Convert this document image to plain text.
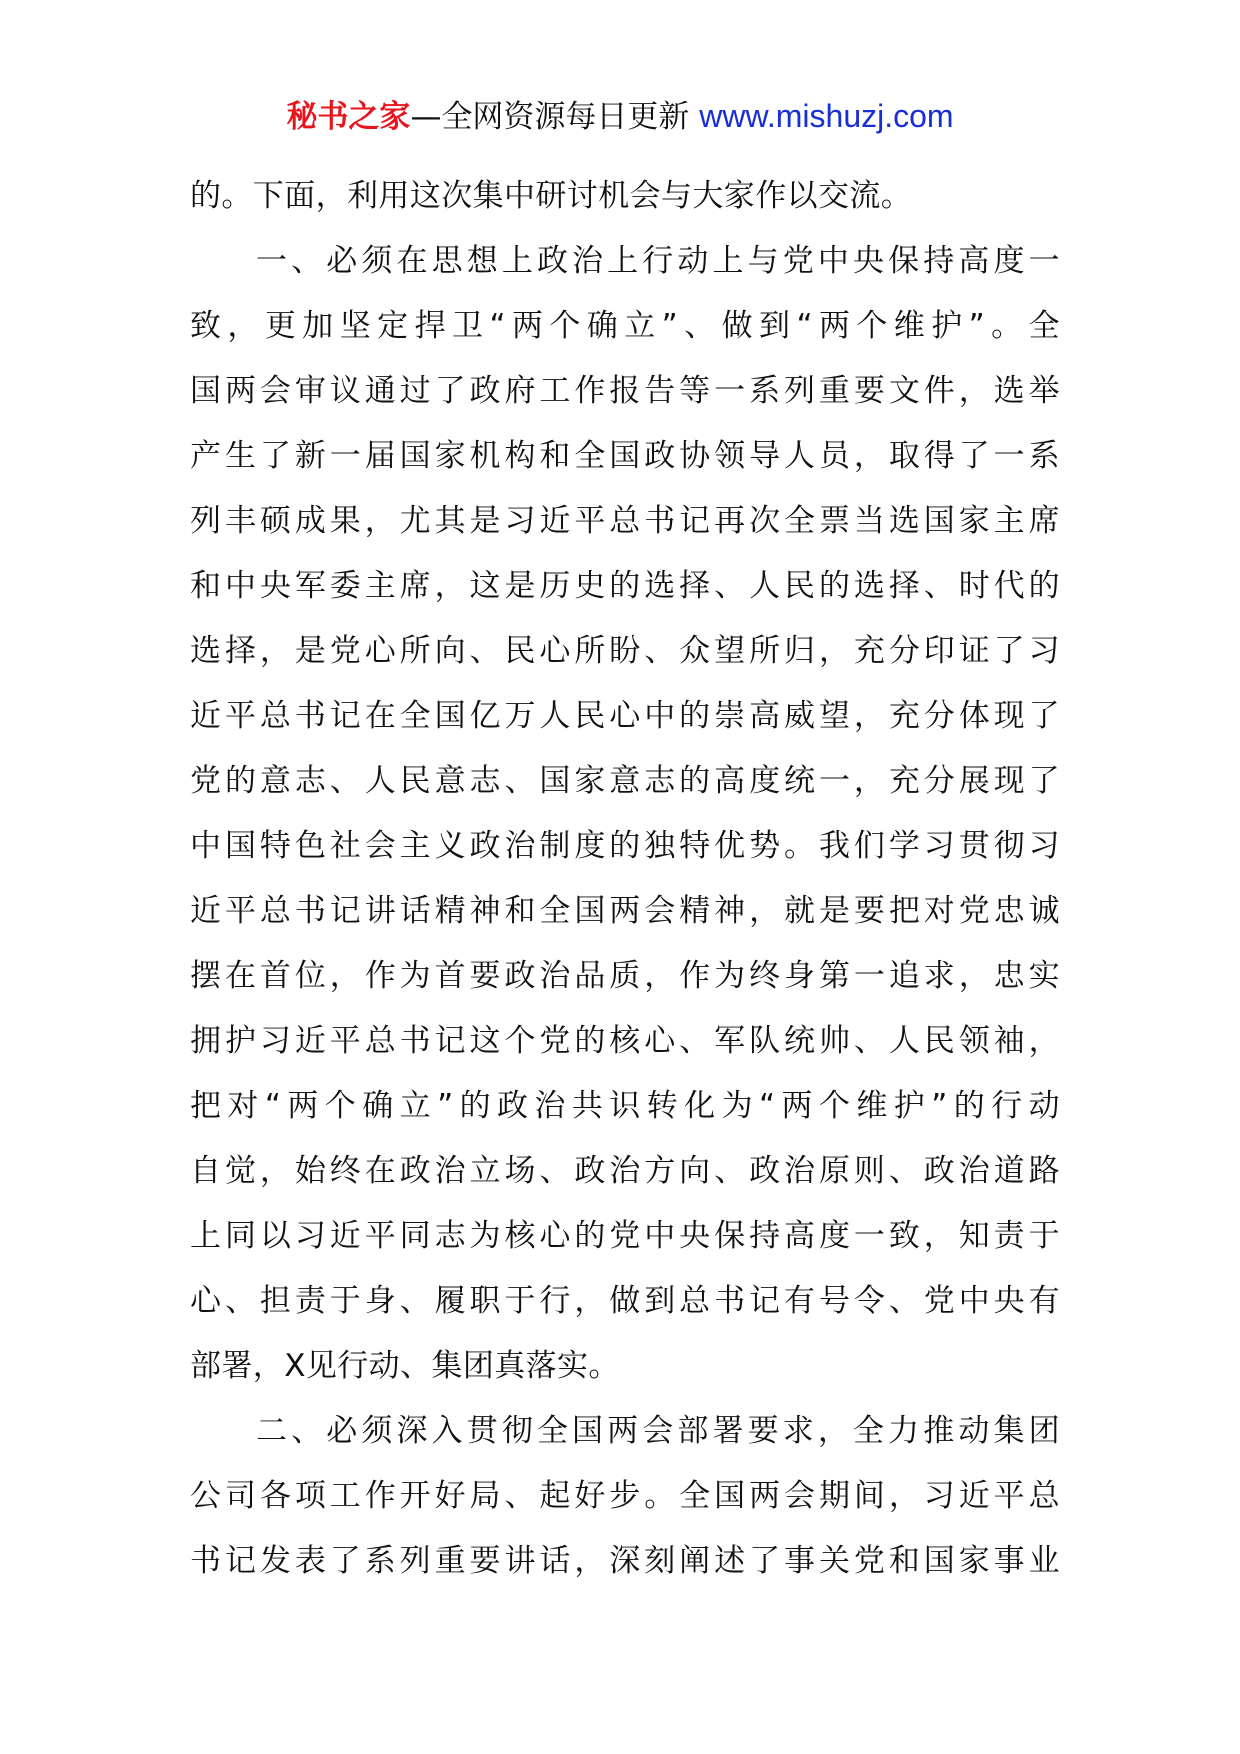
秘书之家—全网资源每日更新 www.mishuzj.com
的。下面，利用这次集中研讨机会与大家作以交流。
一、必须在思想上政治上行动上与党中央保持高度一
致，更加坚定捍卫“两个确立”、做到“两个维护”。全
国两会审议通过了政府工作报告等一系列重要文件，选举
产生了新一届国家机构和全国政协领导人员，取得了一系
列丰硕成果，尤其是习近平总书记再次全票当选国家主席
和中央军委主席，这是历史的选择、人民的选择、时代的
选择，是党心所向、民心所盼、众望所归，充分印证了习
近平总书记在全国亿万人民心中的崇高威望，充分体现了
党的意志、人民意志、国家意志的高度统一，充分展现了
中国特色社会主义政治制度的独特优势。我们学习贯彻习
近平总书记讲话精神和全国两会精神，就是要把对党忠诚
摆在首位，作为首要政治品质，作为终身第一追求，忠实
拥护习近平总书记这个党的核心、军队统帅、人民领袖，
把对“两个确立”的政治共识转化为“两个维护”的行动
自觉，始终在政治立场、政治方向、政治原则、政治道路
上同以习近平同志为核心的党中央保持高度一致，知责于
心、担责于身、履职于行，做到总书记有号令、党中央有
部署，X见行动、集团真落实。
二、必须深入贯彻全国两会部署要求，全力推动集团
公司各项工作开好局、起好步。全国两会期间，习近平总
书记发表了系列重要讲话，深刻阐述了事关党和国家事业
